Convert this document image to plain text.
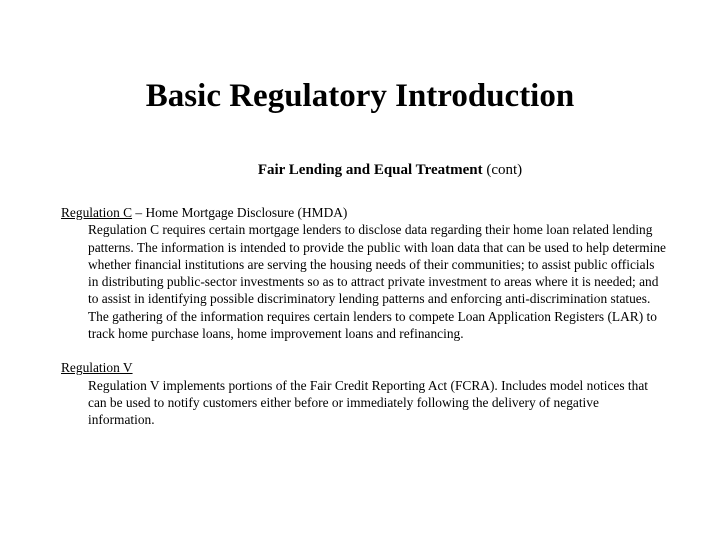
Basic Regulatory Introduction

Fair Lending and Equal Treatment (cont)

Regulation C – Home Mortgage Disclosure (HMDA)

Regulation C requires certain mortgage lenders to disclose data regarding their home loan related lending patterns. The information is intended to provide the public with loan data that can be used to help determine whether financial institutions are serving the housing needs of their communities; to assist public officials in distributing public-sector investments so as to attract private investment to areas where it is needed; and to assist in identifying possible discriminatory lending patterns and enforcing anti-discrimination statues. The gathering of the information requires certain lenders to compete Loan Application Registers (LAR) to track home purchase loans, home improvement loans and refinancing.

Regulation V

Regulation V implements portions of the Fair Credit Reporting Act (FCRA). Includes model notices that can be used to notify customers either before or immediately following the delivery of negative information.
